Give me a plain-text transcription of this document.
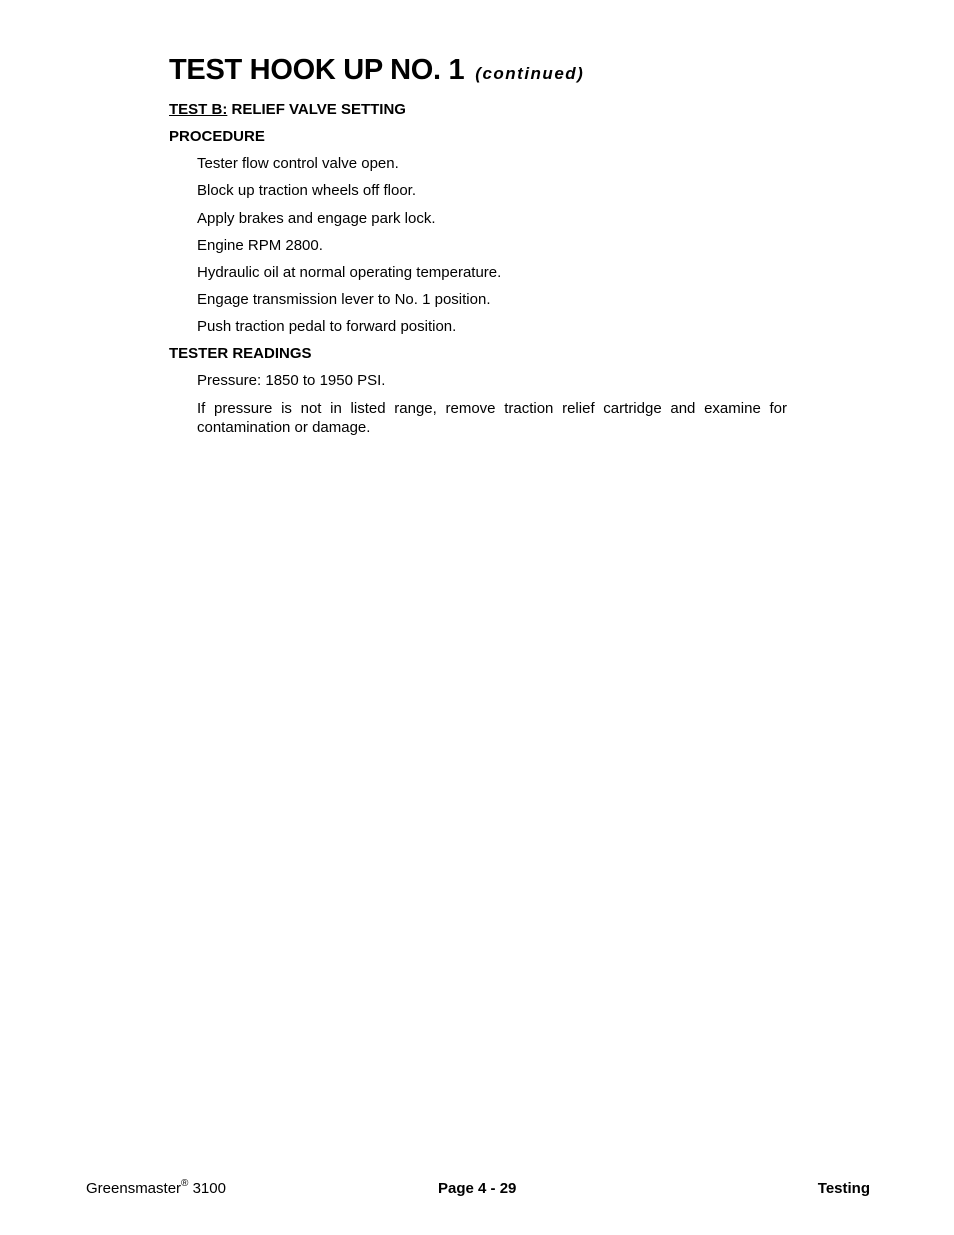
TEST HOOK UP NO. 1 (continued)

TEST B: RELIEF VALVE SETTING

PROCEDURE

Tester flow control valve open.

Block up traction wheels off floor.

Apply brakes and engage park lock.

Engine RPM 2800.

Hydraulic oil at normal operating temperature.

Engage transmission lever to No. 1 position.

Push traction pedal to forward position.

TESTER READINGS

Pressure: 1850 to 1950 PSI.

If pressure is not in listed range, remove traction relief cartridge and examine for contamination or damage.

Greensmaster® 3100	Page 4 - 29	Testing
